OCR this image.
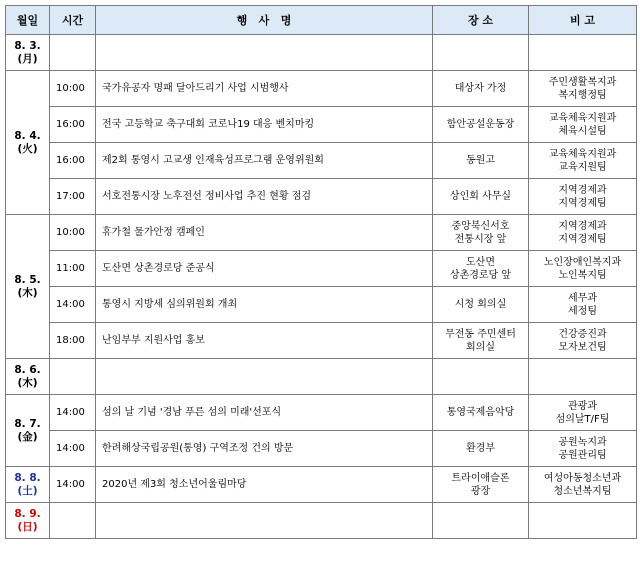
월일	시간	행   사   명	장 소	비 고

8. 3.
(月)				

8. 4.
(火)	10:00	국가유공자 명패 달아드리기 사업 시범행사	대상자 가정	주민생활복지과
복지행정팀

	16:00	전국 고등학교 축구대회 코로나19 대응 벤치마킹	함안공설운동장	교육체육지원과
체육시설팀

	16:00	제2회 통영시 고교생 인재육성프로그램 운영위원회	동원고	교육체육지원과
교육지원팀

	17:00	서호전통시장 노후전선 정비사업 추진 현황 점검	상인회 사무실	지역경제과
지역경제팀

8. 5.
(木)	10:00	휴가철 물가안정 캠페인	중앙북신서호
전통시장 앞	지역경제과
지역경제팀

	11:00	도산면 상촌경로당 준공식	도산면
상촌경로당 앞	노인장애인복지과
노인복지팀

	14:00	통영시 지방세 심의위원회 개최	시청 회의실	세무과
세정팀

	18:00	난임부부 지원사업 홍보	무전동 주민센터
회의실	건강증진과
모자보건팀

8. 6.
(木)				

8. 7.
(金)	14:00	섬의 날 기념 '경남 푸른 섬의 미래'선포식	통영국제음악당	관광과
섬의날T/F팀

	14:00	한려해상국립공원(통영) 구역조정 건의 방문	환경부	공원녹지과
공원관리팀

8. 8.
(土)	14:00	2020년 제3회 청소년어울림마당	트라이애슬론
광장	여성아동청소년과
청소년복지팀

8. 9.
(日)				
